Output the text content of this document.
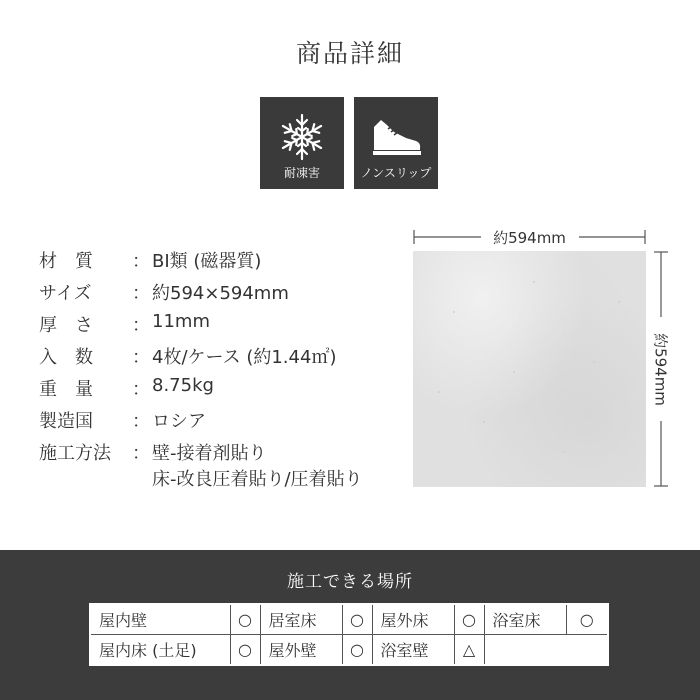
商品詳細
耐凍害	ノンスリップ
材　質	： BⅠ類 (磁器質)
サイズ	： 約594×594mm
厚　さ	： 11mm
入　数	： 4枚/ケース (約1.44㎡)
重　量	： 8.75kg
製造国	： ロシア
施工方法	： 壁-接着剤貼り
床-改良圧着貼り/圧着貼り
約594mm
約594mm
施工できる場所
屋内壁	○	居室床	○	屋外床	○	浴室床	○
屋内床 (土足)	○	屋外壁	○	浴室壁	△		
